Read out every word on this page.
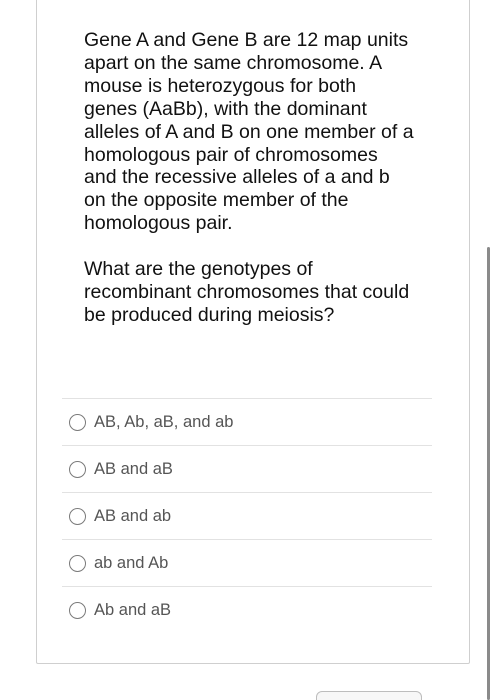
Gene A and Gene B are 12 map units apart on the same chromosome. A mouse is heterozygous for both genes (AaBb), with the dominant alleles of A and B on one member of a homologous pair of chromosomes and the recessive alleles of a and b on the opposite member of the homologous pair.

What are the genotypes of recombinant chromosomes that could be produced during meiosis?

AB, Ab, aB, and ab
AB and aB
AB and ab
ab and Ab
Ab and aB
